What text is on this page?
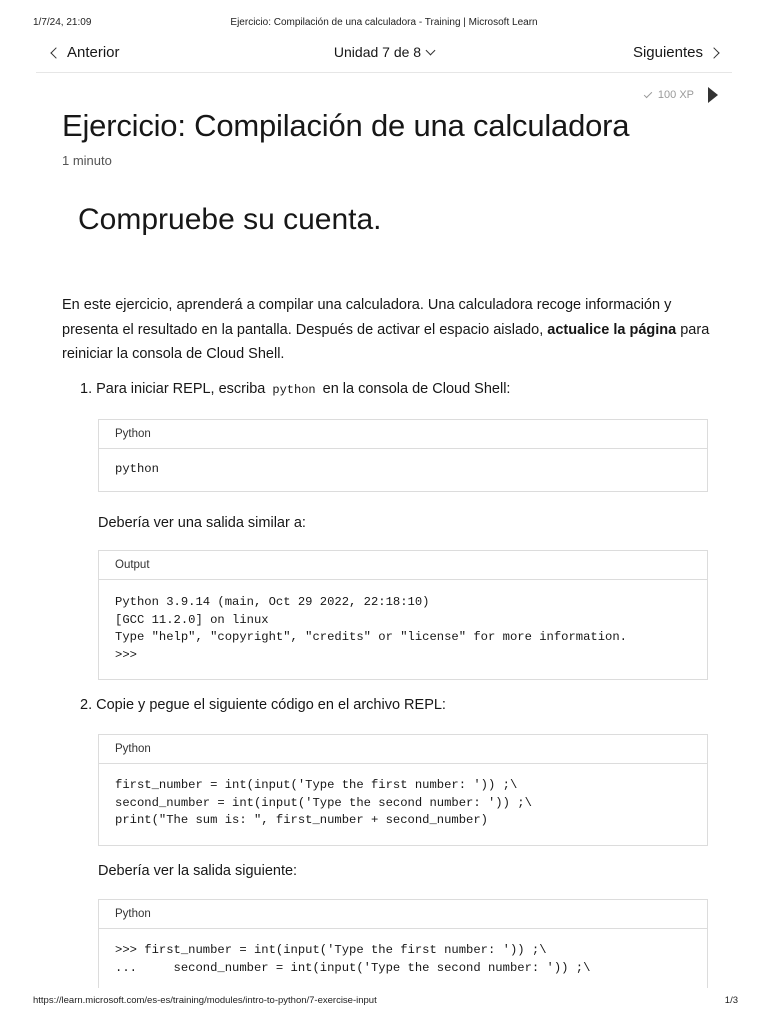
1/7/24, 21:09	Ejercicio: Compilación de una calculadora - Training | Microsoft Learn
Anterior	Unidad 7 de 8	Siguientes
100 XP
Ejercicio: Compilación de una calculadora
1 minuto
Compruebe su cuenta.

En este ejercicio, aprenderá a compilar una calculadora. Una calculadora recoge información y presenta el resultado en la pantalla. Después de activar el espacio aislado, actualice la página para reiniciar la consola de Cloud Shell.

1. Para iniciar REPL, escriba python en la consola de Cloud Shell:

Python
python

Debería ver una salida similar a:

Output
Python 3.9.14 (main, Oct 29 2022, 22:18:10)
[GCC 11.2.0] on linux
Type "help", "copyright", "credits" or "license" for more information.
>>>

2. Copie y pegue el siguiente código en el archivo REPL:

Python
first_number = int(input('Type the first number: ')) ;\
second_number = int(input('Type the second number: ')) ;\
print("The sum is: ", first_number + second_number)

Debería ver la salida siguiente:

Python
>>> first_number = int(input('Type the first number: ')) ;\
...     second_number = int(input('Type the second number: ')) ;\
https://learn.microsoft.com/es-es/training/modules/intro-to-python/7-exercise-input	1/3
